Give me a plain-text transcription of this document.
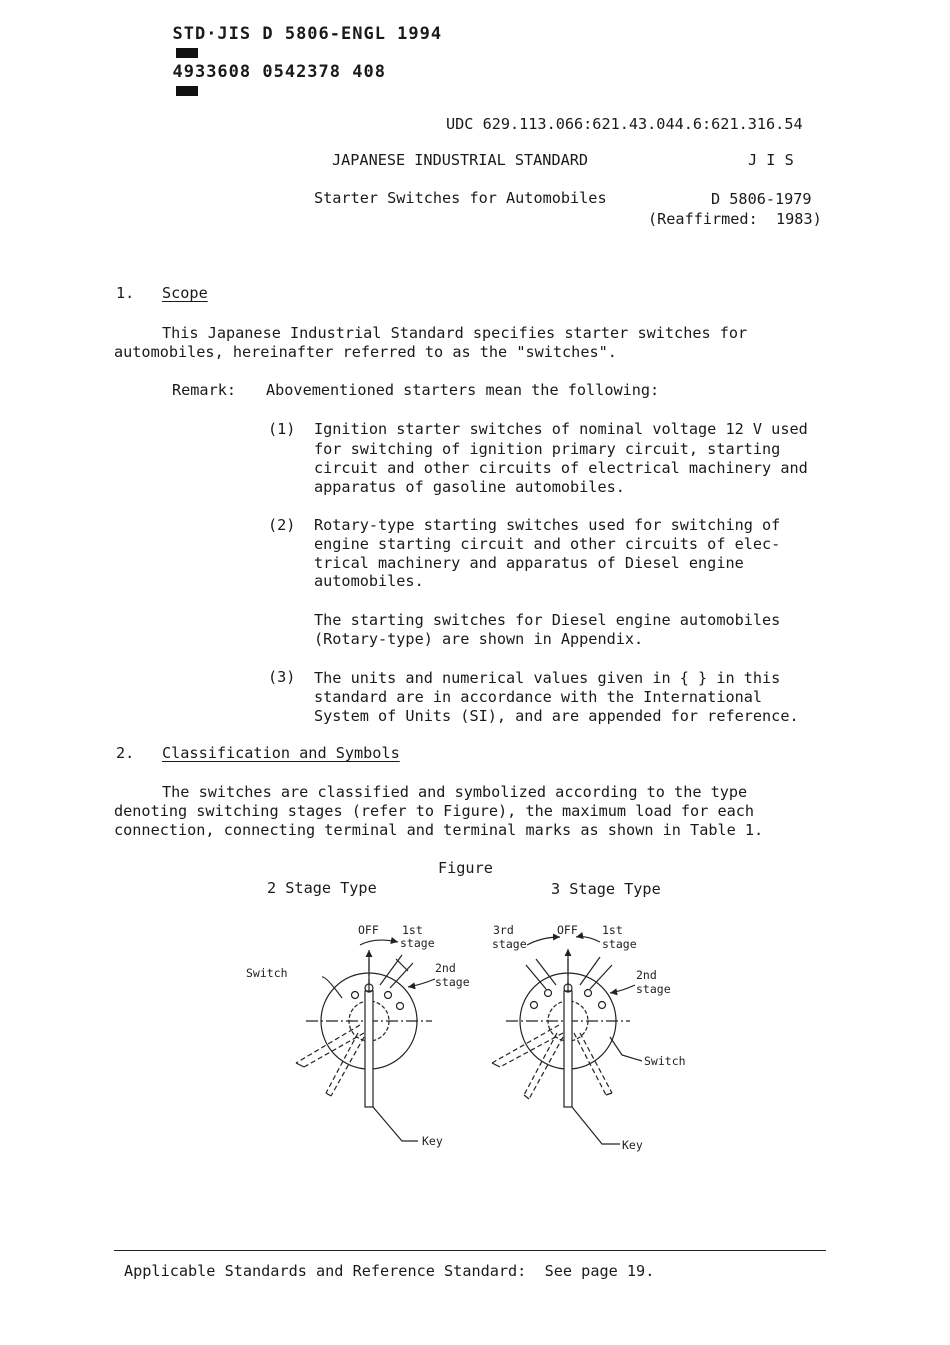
STD·JIS D 5806-ENGL 1994

4933608 0542378 408

UDC 629.113.066:621.43.044.6:621.316.54
JAPANESE INDUSTRIAL STANDARD	J I S
Starter Switches for Automobiles	D 5806-1979
(Reaffirmed:  1983)
1. Scope
This Japanese Industrial Standard specifies starter switches for
automobiles, hereinafter referred to as the "switches".
Remark: Abovementioned starters mean the following:
(1) Ignition starter switches of nominal voltage 12 V used
for switching of ignition primary circuit, starting
circuit and other circuits of electrical machinery and
apparatus of gasoline automobiles.
(2) Rotary-type starting switches used for switching of
engine starting circuit and other circuits of elec-
trical machinery and apparatus of Diesel engine
automobiles.
The starting switches for Diesel engine automobiles
(Rotary-type) are shown in Appendix.
(3) The units and numerical values given in { } in this
standard are in accordance with the International
System of Units (SI), and are appended for reference.
2. Classification and Symbols
The switches are classified and symbolized according to the type
denoting switching stages (refer to Figure), the maximum load for each
connection, connecting terminal and terminal marks as shown in Table 1.
Figure
2 Stage Type	3 Stage Type
OFF 1st
stage
2nd
stage
Switch
Key
3rd
stage
OFF 1st
stage
2nd
stage
Switch
Key
Applicable Standards and Reference Standard:  See page 19.
